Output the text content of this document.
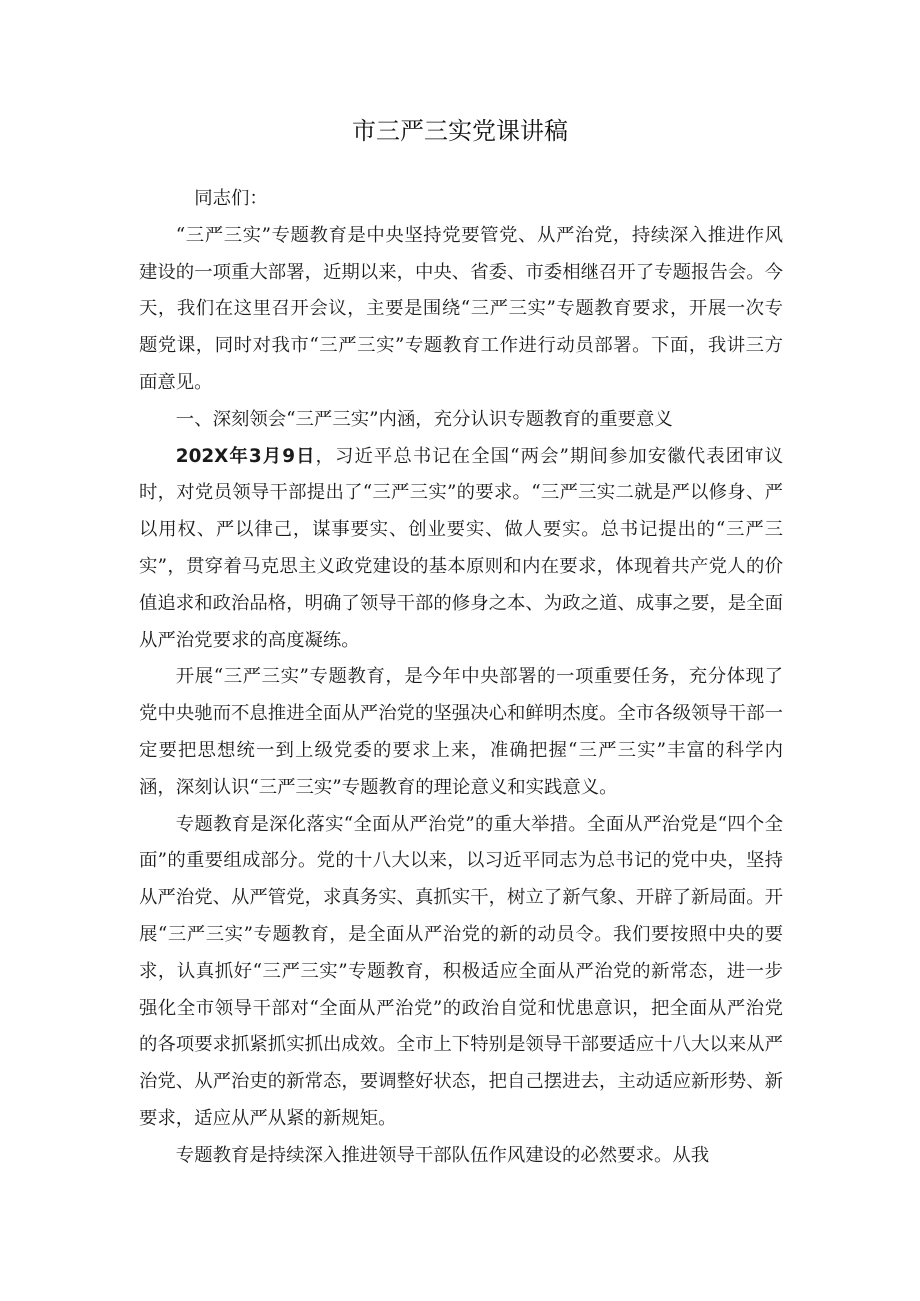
市三严三实党课讲稿

同志们：

“三严三实”专题教育是中央坚持党要管党、从严治党，持续深入推进作风建设的一项重大部署，近期以来，中央、省委、市委相继召开了专题报告会。今天，我们在这里召开会议，主要是围绕“三严三实”专题教育要求，开展一次专题党课，同时对我市“三严三实”专题教育工作进行动员部署。下面，我讲三方面意见。

一、深刻领会“三严三实”内涵，充分认识专题教育的重要意义

202X年3月9日，习近平总书记在全国“两会”期间参加安徽代表团审议时，对党员领导干部提出了“三严三实”的要求。“三严三实二就是严以修身、严以用权、严以律己，谋事要实、创业要实、做人要实。总书记提出的“三严三实”，贯穿着马克思主义政党建设的基本原则和内在要求，体现着共产党人的价值追求和政治品格，明确了领导干部的修身之本、为政之道、成事之要，是全面从严治党要求的高度凝练。

开展“三严三实”专题教育，是今年中央部署的一项重要任务，充分体现了党中央驰而不息推进全面从严治党的坚强决心和鲜明杰度。全市各级领导干部一定要把思想统一到上级党委的要求上来，准确把握“三严三实”丰富的科学内涵，深刻认识“三严三实”专题教育的理论意义和实践意义。

专题教育是深化落实“全面从严治党”的重大举措。全面从严治党是“四个全面”的重要组成部分。党的十八大以来，以习近平同志为总书记的党中央，坚持从严治党、从严管党，求真务实、真抓实干，树立了新气象、开辟了新局面。开展“三严三实”专题教育，是全面从严治党的新的动员令。我们要按照中央的要求，认真抓好“三严三实”专题教育，积极适应全面从严治党的新常态，进一步强化全市领导干部对“全面从严治党”的政治自觉和忧患意识，把全面从严治党的各项要求抓紧抓实抓出成效。全市上下特别是领导干部要适应十八大以来从严治党、从严治吏的新常态，要调整好状态，把自己摆进去，主动适应新形势、新要求，适应从严从紧的新规矩。

专题教育是持续深入推进领导干部队伍作风建设的必然要求。从我
